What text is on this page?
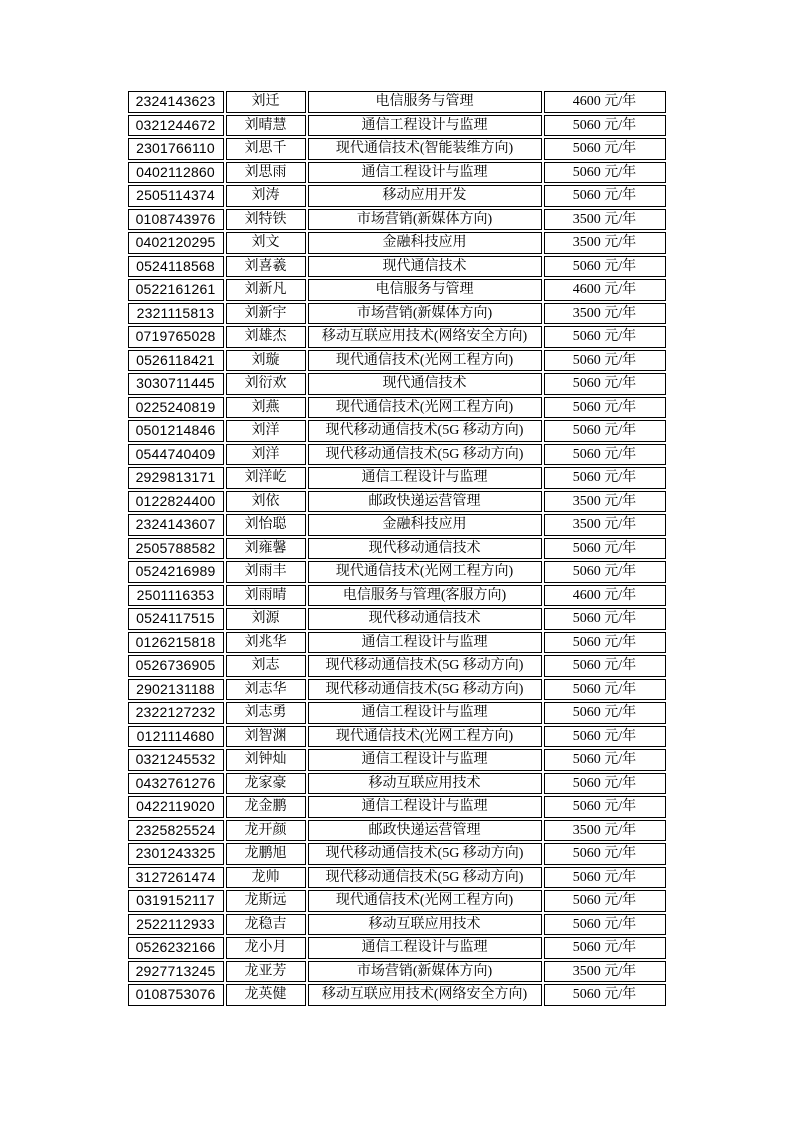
2324143623	刘迁	电信服务与管理	4600 元/年
0321244672	刘晴慧	通信工程设计与监理	5060 元/年
2301766110	刘思千	现代通信技术(智能装维方向)	5060 元/年
0402112860	刘思雨	通信工程设计与监理	5060 元/年
2505114374	刘涛	移动应用开发	5060 元/年
0108743976	刘特铁	市场营销(新媒体方向)	3500 元/年
0402120295	刘文	金融科技应用	3500 元/年
0524118568	刘喜羲	现代通信技术	5060 元/年
0522161261	刘新凡	电信服务与管理	4600 元/年
2321115813	刘新宇	市场营销(新媒体方向)	3500 元/年
0719765028	刘雄杰	移动互联应用技术(网络安全方向)	5060 元/年
0526118421	刘璇	现代通信技术(光网工程方向)	5060 元/年
3030711445	刘衍欢	现代通信技术	5060 元/年
0225240819	刘燕	现代通信技术(光网工程方向)	5060 元/年
0501214846	刘洋	现代移动通信技术(5G 移动方向)	5060 元/年
0544740409	刘洋	现代移动通信技术(5G 移动方向)	5060 元/年
2929813171	刘洋屹	通信工程设计与监理	5060 元/年
0122824400	刘依	邮政快递运营管理	3500 元/年
2324143607	刘怡聪	金融科技应用	3500 元/年
2505788582	刘雍馨	现代移动通信技术	5060 元/年
0524216989	刘雨丰	现代通信技术(光网工程方向)	5060 元/年
2501116353	刘雨晴	电信服务与管理(客服方向)	4600 元/年
0524117515	刘源	现代移动通信技术	5060 元/年
0126215818	刘兆华	通信工程设计与监理	5060 元/年
0526736905	刘志	现代移动通信技术(5G 移动方向)	5060 元/年
2902131188	刘志华	现代移动通信技术(5G 移动方向)	5060 元/年
2322127232	刘志勇	通信工程设计与监理	5060 元/年
0121114680	刘智渊	现代通信技术(光网工程方向)	5060 元/年
0321245532	刘钟灿	通信工程设计与监理	5060 元/年
0432761276	龙家豪	移动互联应用技术	5060 元/年
0422119020	龙金鹏	通信工程设计与监理	5060 元/年
2325825524	龙开颜	邮政快递运营管理	3500 元/年
2301243325	龙鹏旭	现代移动通信技术(5G 移动方向)	5060 元/年
3127261474	龙帅	现代移动通信技术(5G 移动方向)	5060 元/年
0319152117	龙斯远	现代通信技术(光网工程方向)	5060 元/年
2522112933	龙稳吉	移动互联应用技术	5060 元/年
0526232166	龙小月	通信工程设计与监理	5060 元/年
2927713245	龙亚芳	市场营销(新媒体方向)	3500 元/年
0108753076	龙英健	移动互联应用技术(网络安全方向)	5060 元/年
